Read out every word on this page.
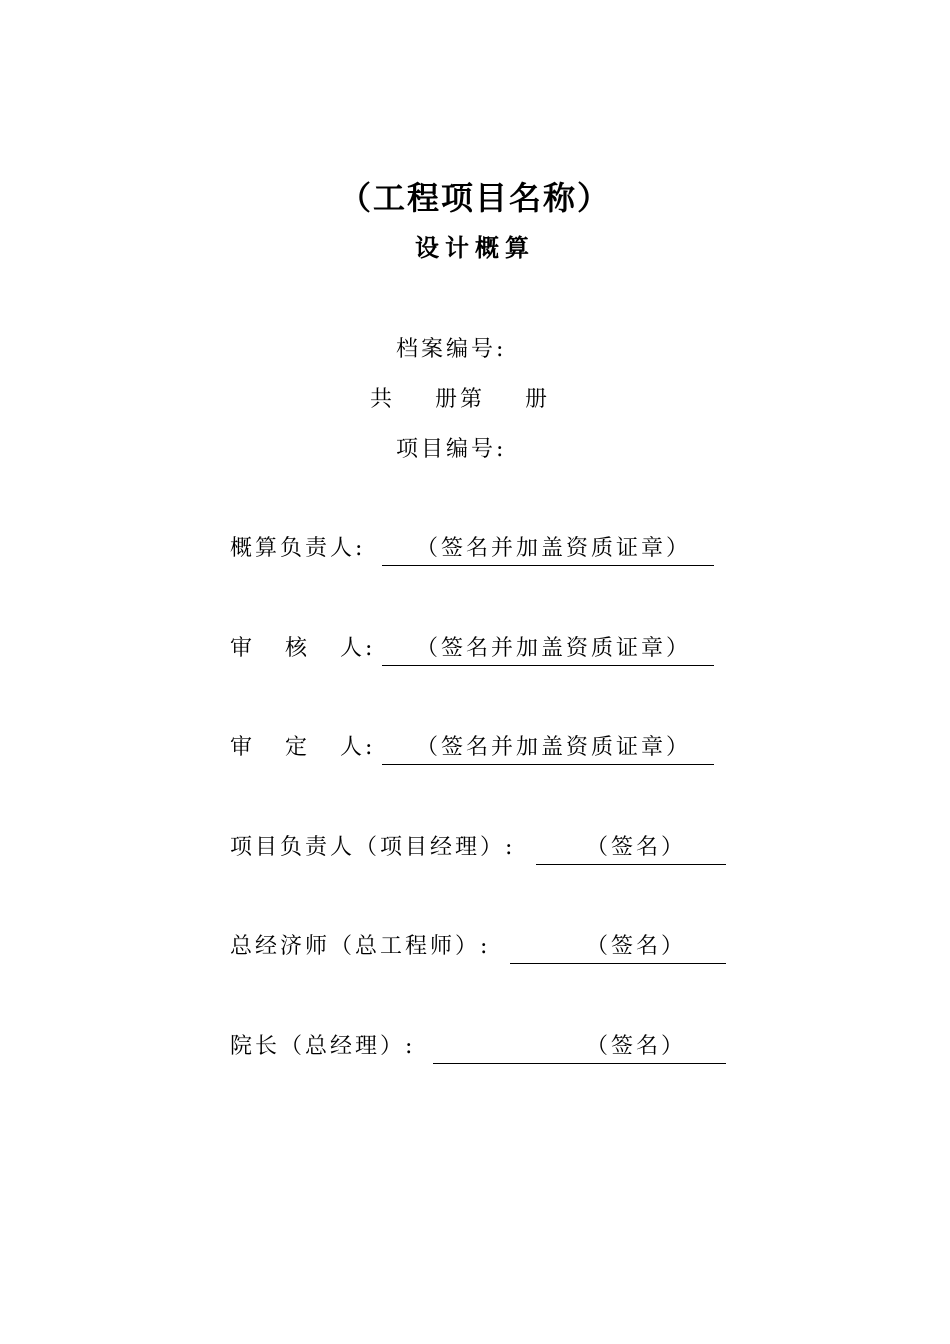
（工程项目名称）
设计概算
档案编号:
共    册第    册
项目编号:

概算负责人:

（签名并加盖资质证章）

审   核   人:

（签名并加盖资质证章）

审   定   人:

（签名并加盖资质证章）

项目负责人（项目经理）:

	（签名）

总经济师（总工程师）:

	（签名）

院长（总经理）:

	（签名）
